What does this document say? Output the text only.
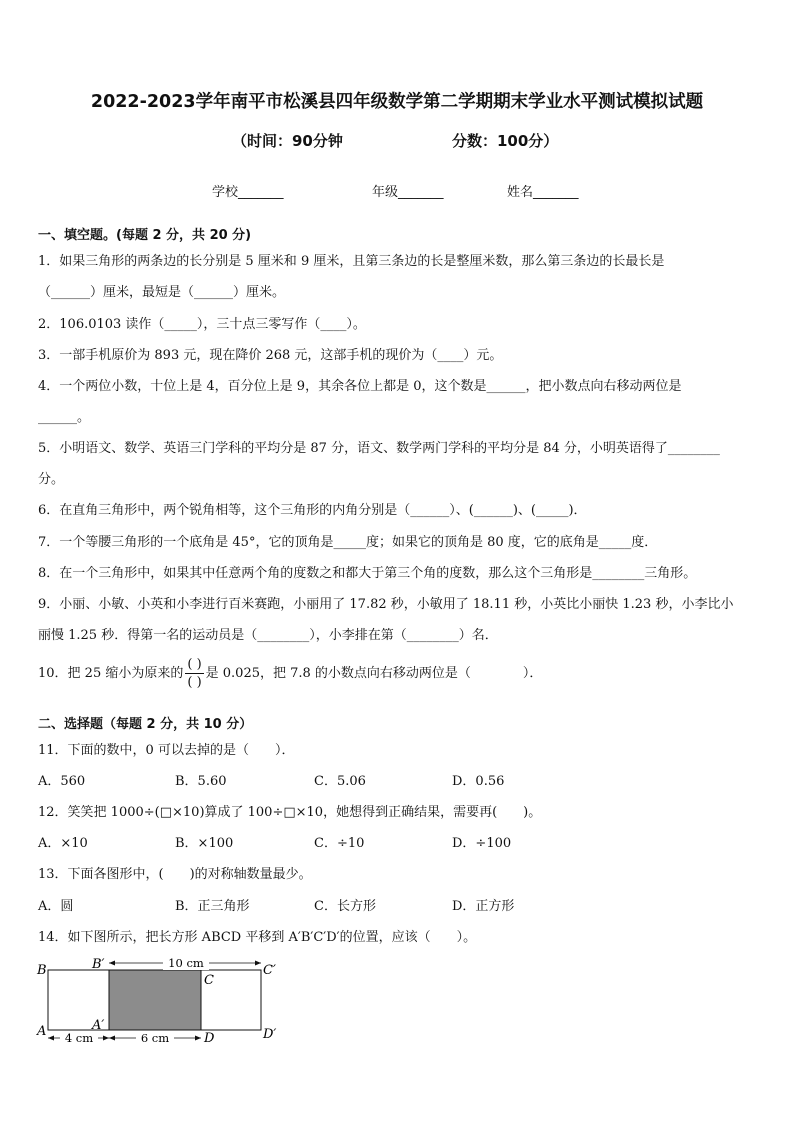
2022-2023学年南平市松溪县四年级数学第二学期期末学业水平测试模拟试题
（时间：90分钟	分数：100分）
学校_______	年级_______	姓名_______
一、填空题。(每题 2 分，共 20 分)
1．如果三角形的两条边的长分别是 5 厘米和 9 厘米，且第三条边的长是整厘米数，那么第三条边的长最长是
（______）厘米，最短是（______）厘米。
2．106.0103 读作（_____），三十点三零写作（____）。
3．一部手机原价为 893 元，现在降价 268 元，这部手机的现价为（____）元。
4．一个两位小数，十位上是 4，百分位上是 9，其余各位上都是 0，这个数是______，把小数点向右移动两位是
______。
5．小明语文、数学、英语三门学科的平均分是 87 分，语文、数学两门学科的平均分是 84 分，小明英语得了________
分。
6．在直角三角形中，两个锐角相等，这个三角形的内角分别是（______）、(______)、(_____)．
7．一个等腰三角形的一个底角是 45°，它的顶角是_____度；如果它的顶角是 80 度，它的底角是_____度．
8．在一个三角形中，如果其中任意两个角的度数之和都大于第三个角的度数，那么这个三角形是________三角形。
9．小丽、小敏、小英和小李进行百米赛跑，小丽用了 17.82 秒，小敏用了 18.11 秒，小英比小丽快 1.23 秒，小李比小
丽慢 1.25 秒．得第一名的运动员是（________），小李排在第（________）名．
10．把 25 缩小为原来的 $\frac{( )}{( )}$ 是 0.025，把 7.8 的小数点向右移动两位是（　　　　）．
二、选择题（每题 2 分，共 10 分）
11．下面的数中，0 可以去掉的是（　　）．
A．560	B．5.60	C．5.06	D．0.56
12．笑笑把 1000÷(□×10)算成了 100÷□×10，她想得到正确结果，需要再(　　)。
A．×10	B．×100	C．÷10	D．÷100
13．下面各图形中，(　　)的对称轴数量最少。
A．圆	B．正三角形	C．长方形	D．正方形
14．如下图所示，把长方形 ABCD 平移到 A′B′C′D′的位置，应该（　　）。
10 cm
4 cm	6 cm
B	B′	C′
C
A	A′
D	D′
